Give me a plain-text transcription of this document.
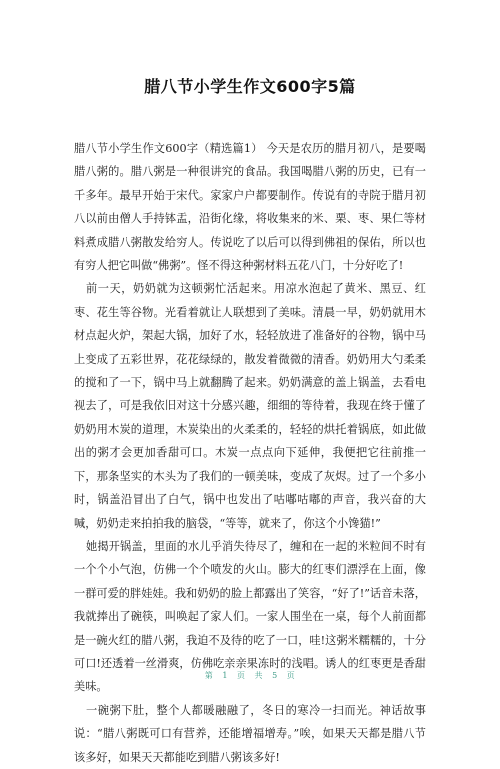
腊八节小学生作文600字5篇

腊八节小学生作文600字（精选篇1） 今天是农历的腊月初八，是要喝腊八粥的。腊八粥是一种很讲究的食品。我国喝腊八粥的历史，已有一千多年。最早开始于宋代。家家户户都要制作。传说有的寺院于腊月初八以前由僧人手持钵盂，沿街化缘，将收集来的米、栗、枣、果仁等材料煮成腊八粥散发给穷人。传说吃了以后可以得到佛祖的保佑，所以也有穷人把它叫做“佛粥”。怪不得这种粥材料五花八门，十分好吃了!

前一天，奶奶就为这顿粥忙活起来。用凉水泡起了黄米、黑豆、红枣、花生等谷物。光看着就让人联想到了美味。清晨一早，奶奶就用木材点起火炉，架起大锅，加好了水，轻轻放进了准备好的谷物，锅中马上变成了五彩世界，花花绿绿的，散发着微微的清香。奶奶用大勺柔柔的搅和了一下，锅中马上就翻腾了起来。奶奶满意的盖上锅盖，去看电视去了，可是我依旧对这十分感兴趣，细细的等待着，我现在终于懂了奶奶用木炭的道理，木炭染出的火柔柔的，轻轻的烘托着锅底，如此做出的粥才会更加香甜可口。木炭一点点向下延伸，我便把它往前推一下，那条坚实的木头为了我们的一顿美味，变成了灰烬。过了一个多小时，锅盖沿冒出了白气，锅中也发出了咕嘟咕嘟的声音，我兴奋的大喊，奶奶走来拍拍我的脑袋，“等等，就来了，你这个小馋猫!”

她揭开锅盖，里面的水儿乎消失待尽了，缠和在一起的米粒间不时有一个个小气泡，仿佛一个个喷发的火山。膨大的红枣们漂浮在上面，像一群可爱的胖娃娃。我和奶奶的脸上都露出了笑容，“好了!”话音未落，我就捧出了碗筷，叫唤起了家人们。一家人围坐在一桌，每个人前面都是一碗火红的腊八粥，我迫不及待的吃了一口，哇!这粥米糯糯的，十分可口!还透着一丝滑爽，仿佛吃亲亲果冻时的浅唱。诱人的红枣更是香甜美味。

一碗粥下肚，整个人都暖融融了，冬日的寒冷一扫而光。神话故事说：“腊八粥既可口有营养，还能增福增寿。”唉，如果天天都是腊八节该多好，如果天天都能吃到腊八粥该多好!

第 1 页 共 5 页
